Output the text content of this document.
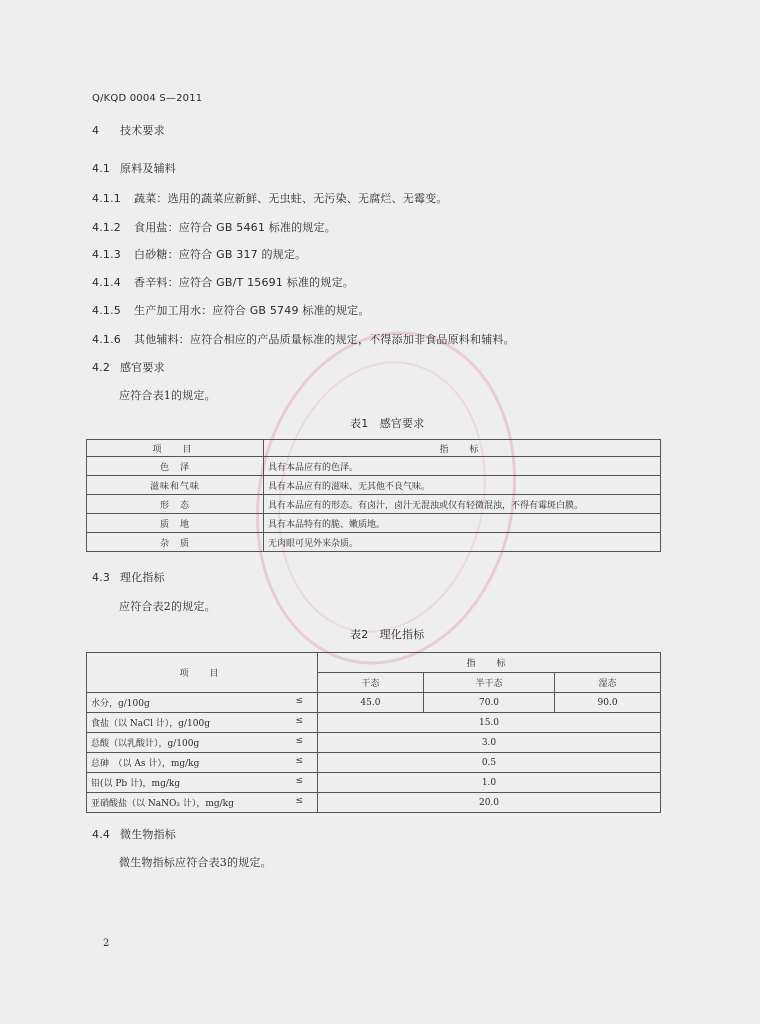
Q/KQD 0004 S—2011
4 技术要求
4.1 原料及辅料
4.1.1 蔬菜：选用的蔬菜应新鲜、无虫蛀、无污染、无腐烂、无霉变。
4.1.2 食用盐：应符合 GB 5461 标准的规定。
4.1.3 白砂糖：应符合 GB 317 的规定。
4.1.4 香辛料：应符合 GB/T 15691 标准的规定。
4.1.5 生产加工用水：应符合 GB 5749 标准的规定。
4.1.6 其他辅料：应符合相应的产品质量标准的规定，不得添加非食品原料和辅料。
4.2 感官要求
应符合表1的规定。
表1　感官要求
项　目	指　标
色　泽	具有本品应有的色泽。
滋味和气味	具有本品应有的滋味、无其他不良气味。
形　态	具有本品应有的形态。有卤汁，卤汁无混浊或仅有轻微混浊，不得有霉斑白膜。
质　地	具有本品特有的脆、嫩质地。
杂　质	无肉眼可见外来杂质。
4.3 理化指标
应符合表2的规定。
表2　理化指标
项　目	指　标		
	干态	半干态	湿态
水分，g/100g ≤	45.0	70.0	90.0
食盐（以 NaCl 计），g/100g ≤	15.0		
总酸（以乳酸计），g/100g ≤	3.0		
总砷　（以 As 计），mg/kg ≤	0.5		
铅(以 Pb 计)，mg/kg ≤	1.0		
亚硝酸盐（以 NaNO₂ 计），mg/kg ≤	20.0		
4.4 微生物指标
微生物指标应符合表3的规定。
2
